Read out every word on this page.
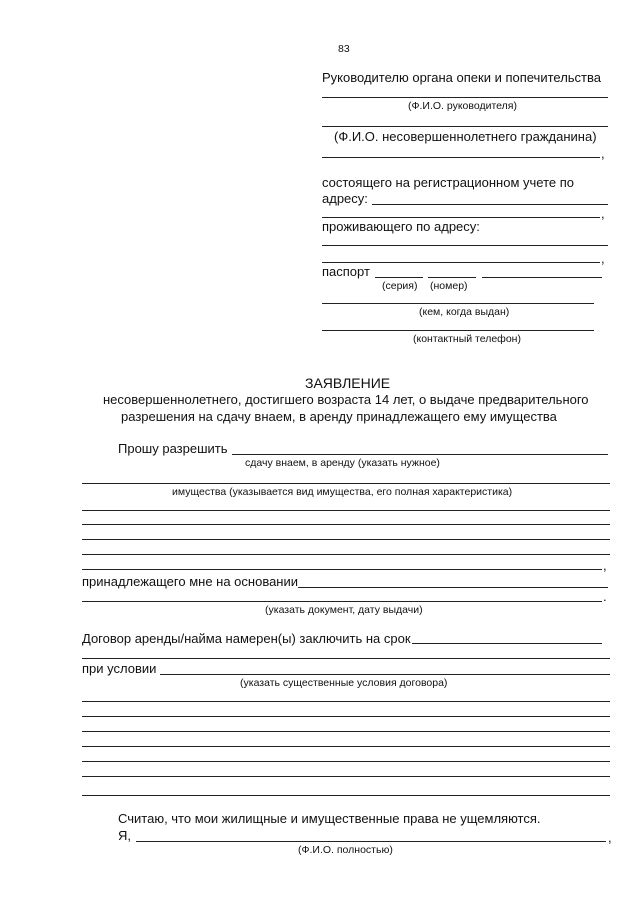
83
Руководителю органа опеки и попечительства
(Ф.И.О. руководителя)
(Ф.И.О. несовершеннолетнего гражданина)
,
состоящего на регистрационном учете по
адресу:
,
проживающего по адресу:
,
паспорт
(серия) (номер)
(кем, когда выдан)
(контактный телефон)
ЗАЯВЛЕНИЕ
несовершеннолетнего, достигшего возраста 14 лет, о выдаче предварительного
разрешения на сдачу внаем, в аренду принадлежащего ему имущества
Прошу разрешить
сдачу внаем, в аренду (указать нужное)
имущества (указывается вид имущества, его полная характеристика)
,
принадлежащего мне на основании
.
(указать документ, дату выдачи)
Договор аренды/найма намерен(ы) заключить на срок
при условии
(указать существенные условия договора)
Считаю, что мои жилищные и имущественные права не ущемляются.
Я,	,
(Ф.И.О. полностью)
